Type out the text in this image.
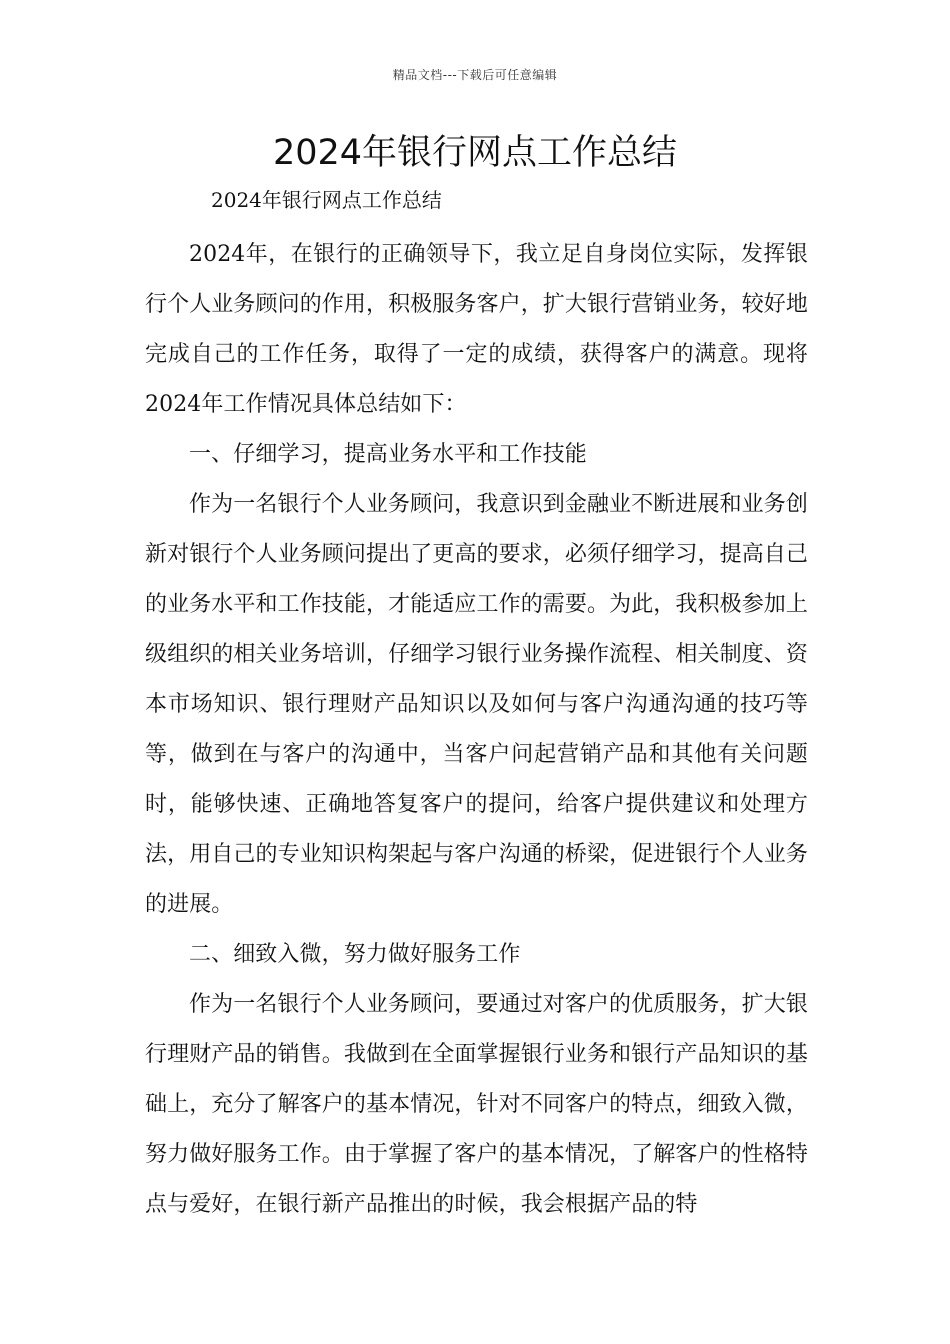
精品文档---下载后可任意编辑
2024年银行网点工作总结

2024年银行网点工作总结

2024年，在银行的正确领导下，我立足自身岗位实际，发挥银行个人业务顾问的作用，积极服务客户，扩大银行营销业务，较好地完成自己的工作任务，取得了一定的成绩，获得客户的满意。现将2024年工作情况具体总结如下：

一、仔细学习，提高业务水平和工作技能

作为一名银行个人业务顾问，我意识到金融业不断进展和业务创新对银行个人业务顾问提出了更高的要求，必须仔细学习，提高自己的业务水平和工作技能，才能适应工作的需要。为此，我积极参加上级组织的相关业务培训，仔细学习银行业务操作流程、相关制度、资本市场知识、银行理财产品知识以及如何与客户沟通沟通的技巧等等，做到在与客户的沟通中，当客户问起营销产品和其他有关问题时，能够快速、正确地答复客户的提问，给客户提供建议和处理方法，用自己的专业知识构架起与客户沟通的桥梁，促进银行个人业务的进展。

二、细致入微，努力做好服务工作

作为一名银行个人业务顾问，要通过对客户的优质服务，扩大银行理财产品的销售。我做到在全面掌握银行业务和银行产品知识的基础上，充分了解客户的基本情况，针对不同客户的特点，细致入微，努力做好服务工作。由于掌握了客户的基本情况，了解客户的性格特点与爱好，在银行新产品推出的时候，我会根据产品的特
